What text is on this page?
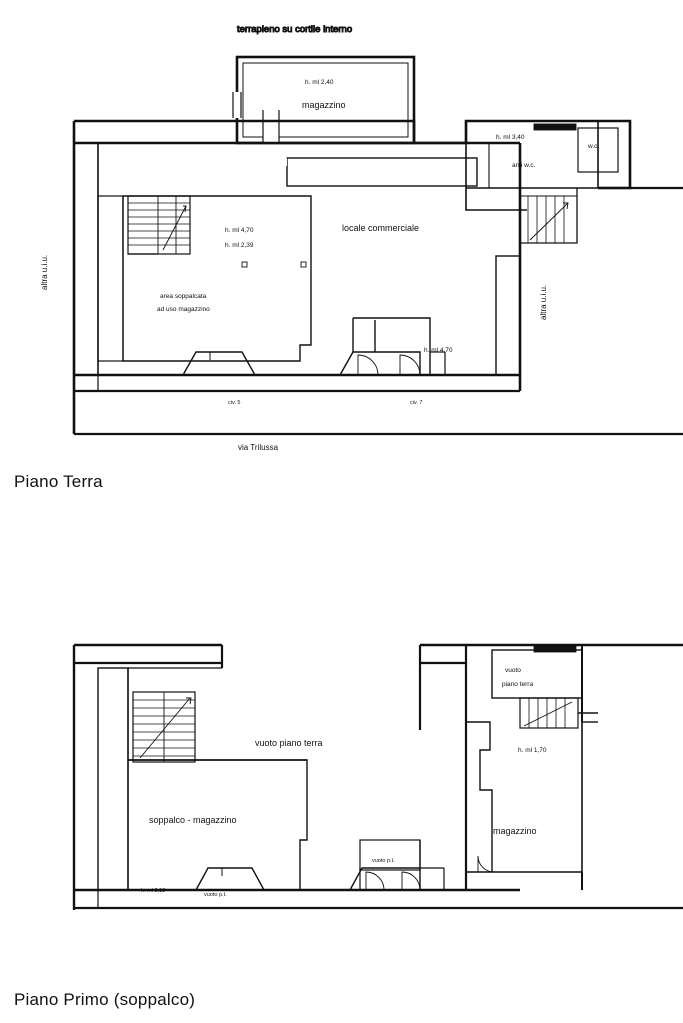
terrapieno su cortile interno
h. ml 2,40
magazzino
h. ml 3,40
w.c.
anti w.c.
locale commerciale
h. ml 4,70
h. ml 2,39
area soppalcata
ad uso magazzino
h. ml 4,70
altra u.i.u.
altra u.i.u.
civ. 5	civ. 7
via Trilussa
Piano Terra
vuoto
piano terra
vuoto piano terra
h. ml 1,70
soppalco - magazzino
magazzino
vuoto p.t.
vuoto p.t.
h. ml 2,12
Piano Primo (soppalco)
